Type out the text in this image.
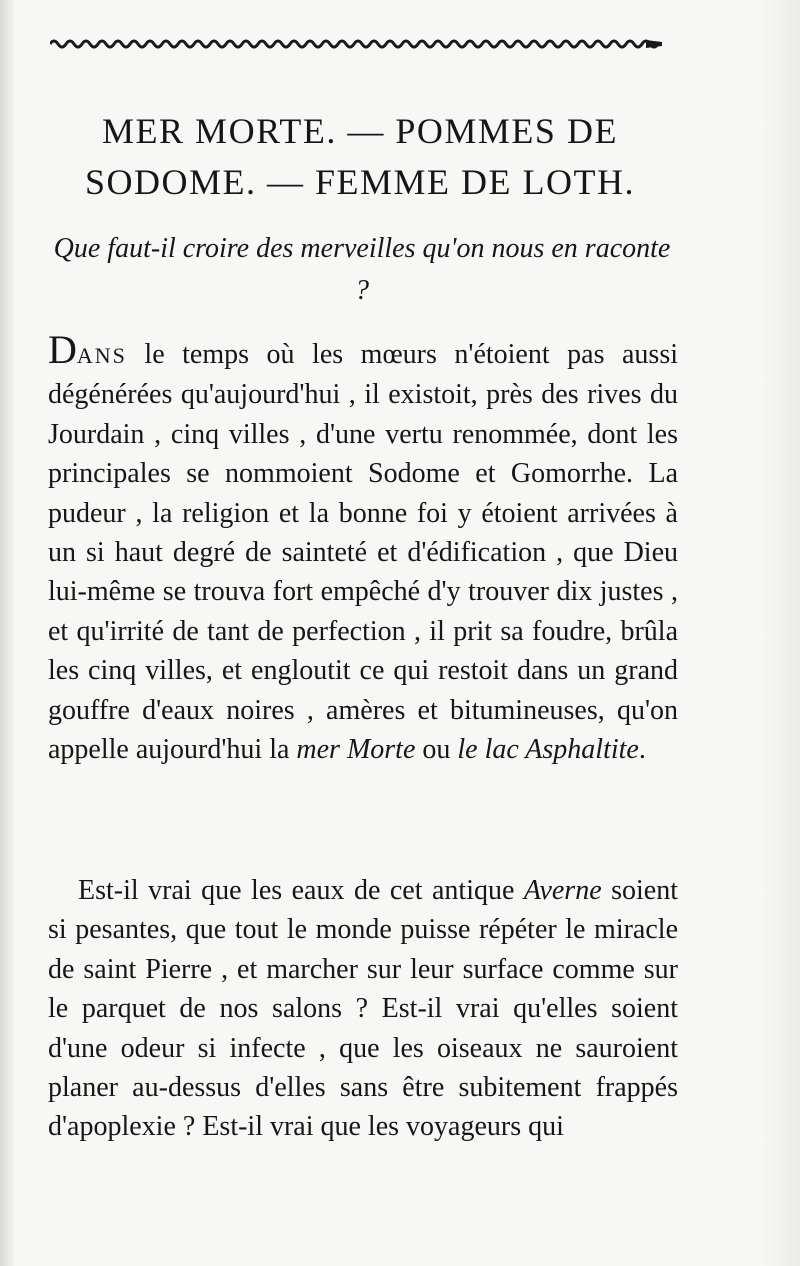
MER MORTE. — POMMES DE
SODOME. — FEMME DE LOTH.

Que faut-il croire des merveilles qu'on nous en raconte ?

DANS le temps où les mœurs n'étoient pas aussi dégénérées qu'aujourd'hui , il existoit, près des rives du Jourdain , cinq villes , d'une vertu renommée, dont les principales se nommoient Sodome et Gomorrhe. La pudeur , la religion et la bonne foi y étoient arrivées à un si haut degré de sainteté et d'édification , que Dieu lui-même se trouva fort empêché d'y trouver dix justes , et qu'irrité de tant de perfection , il prit sa foudre, brûla les cinq villes, et engloutit ce qui restoit dans un grand gouffre d'eaux noires , amères et bitumineuses, qu'on appelle aujourd'hui la mer Morte ou le lac Asphaltite.

Est-il vrai que les eaux de cet antique Averne soient si pesantes, que tout le monde puisse répéter le miracle de saint Pierre , et marcher sur leur surface comme sur le parquet de nos salons ? Est-il vrai qu'elles soient d'une odeur si infecte , que les oiseaux ne sauroient planer au-dessus d'elles sans être subitement frappés d'apoplexie ? Est-il vrai que les voyageurs qui
